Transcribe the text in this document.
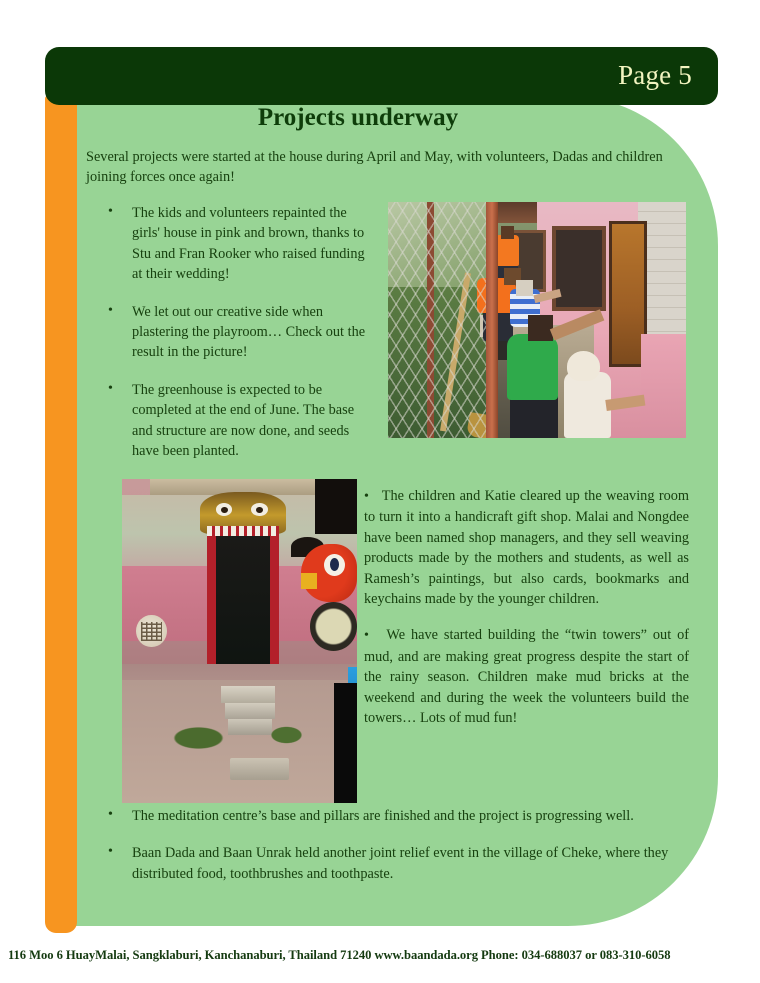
Page 5
Projects underway
Several projects were started at the house during April and May, with volunteers, Dadas and children joining forces once again!
• The kids and volunteers repainted the girls' house in pink and brown, thanks to Stu and Fran Rooker who raised funding at their wedding!
• We let out our creative side when plastering the playroom… Check out the result in the picture!
• The greenhouse is expected to be completed at the end of June. The base and structure are now done, and seeds have been planted.
•   The children and Katie cleared up the weaving room to turn it into a handicraft gift shop. Malai and Nongdee have been named shop managers, and they sell weaving products made by the mothers and students, as well as Ramesh’s paintings, but also cards, bookmarks and keychains made by the younger children.
•   We have started building the “twin towers” out of mud, and are making great progress despite the start of the rainy season. Children make mud bricks at the weekend and during the week the volunteers build the towers… Lots of mud fun!
• The meditation centre’s base and pillars are finished and the project is progressing well.
• Baan Dada and Baan Unrak held another joint relief event in the village of Cheke, where they distributed food, toothbrushes and toothpaste.
116 Moo 6 HuayMalai, Sangklaburi, Kanchanaburi, Thailand 71240 www.baandada.org Phone: 034-688037 or 083-310-6058
